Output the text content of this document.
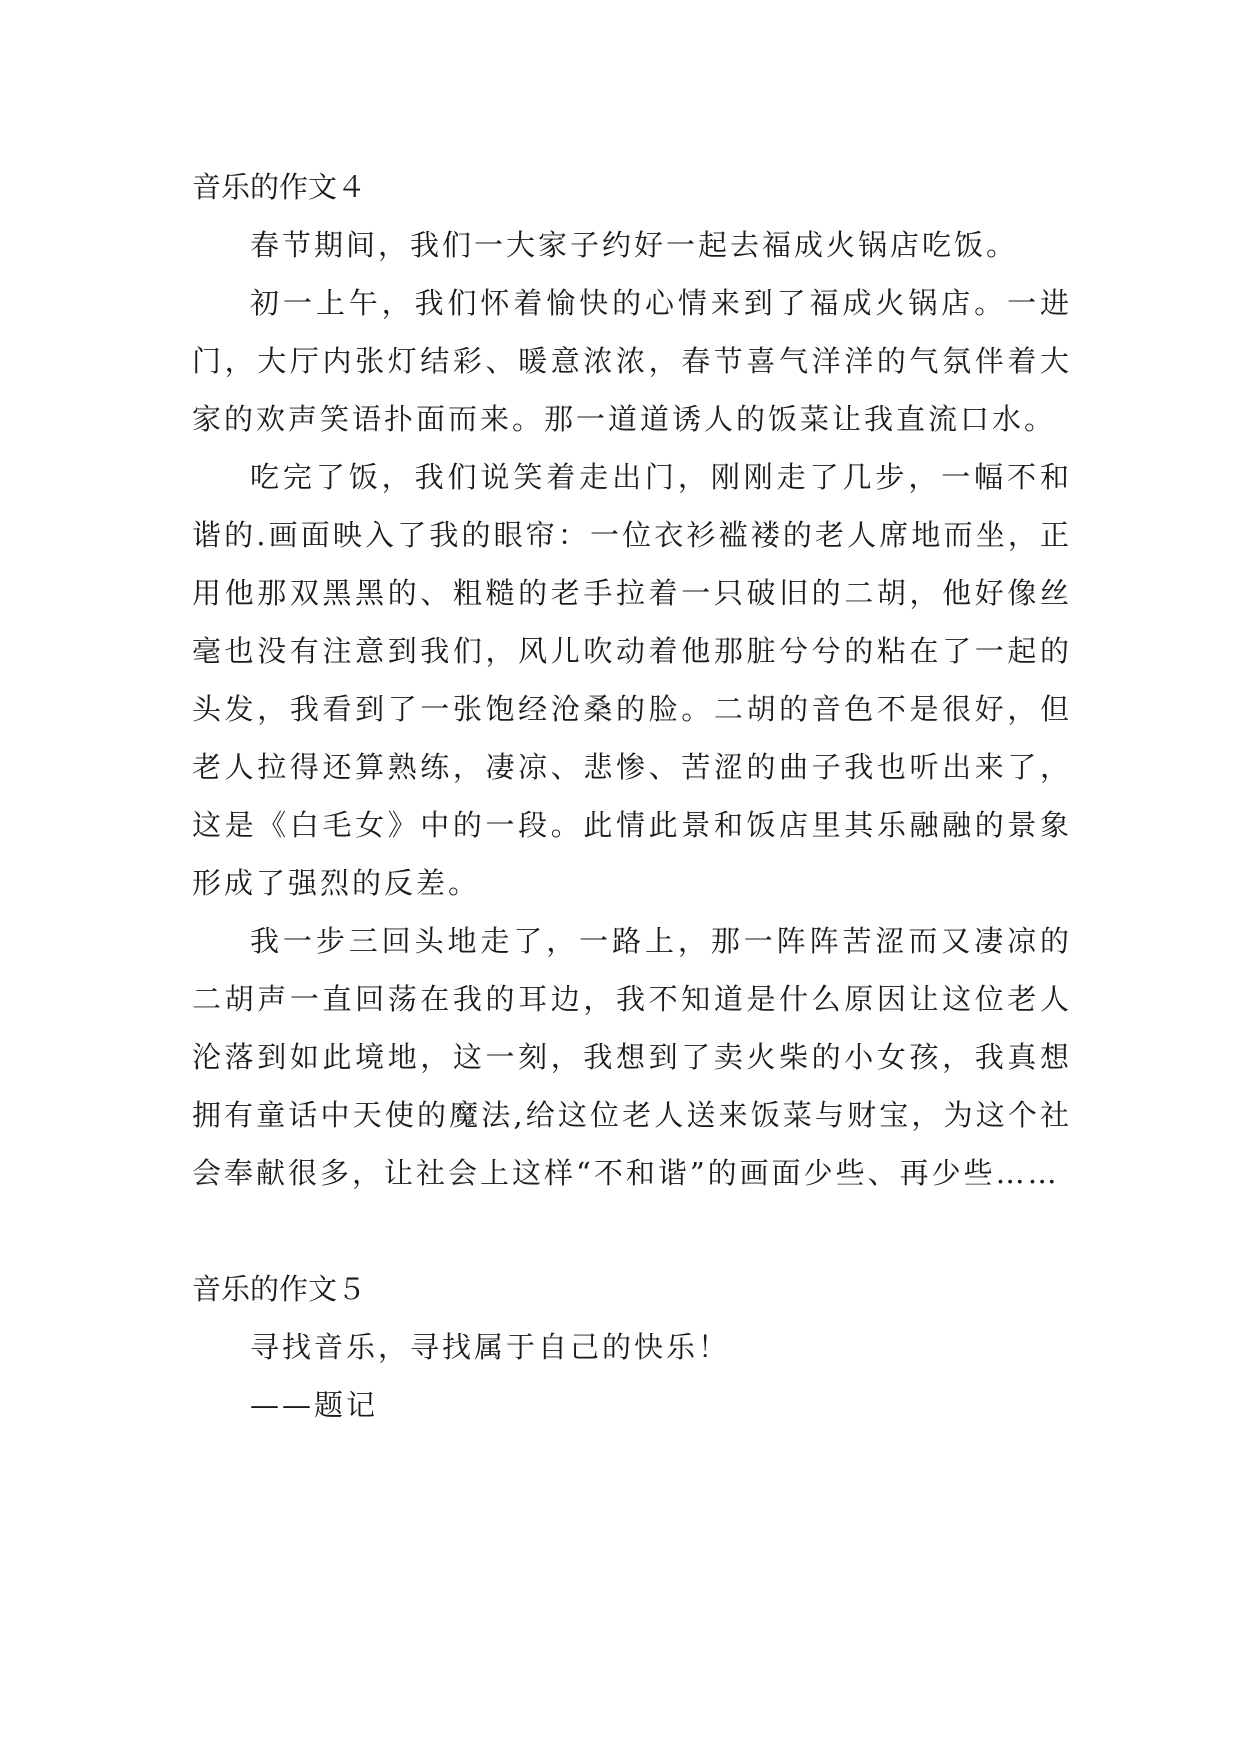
音乐的作文４

春节期间，我们一大家子约好一起去福成火锅店吃饭。

初一上午，我们怀着愉快的心情来到了福成火锅店。一进门，大厅内张灯结彩、暖意浓浓，春节喜气洋洋的气氛伴着大家的欢声笑语扑面而来。那一道道诱人的饭菜让我直流口水。

吃完了饭，我们说笑着走出门，刚刚走了几步，一幅不和谐的.画面映入了我的眼帘：一位衣衫褴褛的老人席地而坐，正用他那双黑黑的、粗糙的老手拉着一只破旧的二胡，他好像丝毫也没有注意到我们，风儿吹动着他那脏兮兮的粘在了一起的头发，我看到了一张饱经沧桑的脸。二胡的音色不是很好，但老人拉得还算熟练，凄凉、悲惨、苦涩的曲子我也听出来了，这是《白毛女》中的一段。此情此景和饭店里其乐融融的景象形成了强烈的反差。

我一步三回头地走了，一路上，那一阵阵苦涩而又凄凉的二胡声一直回荡在我的耳边，我不知道是什么原因让这位老人沦落到如此境地，这一刻，我想到了卖火柴的小女孩，我真想拥有童话中天使的魔法,给这位老人送来饭菜与财宝，为这个社会奉献很多，让社会上这样“不和谐”的画面少些、再少些……

音乐的作文５

寻找音乐，寻找属于自己的快乐！

——题记
